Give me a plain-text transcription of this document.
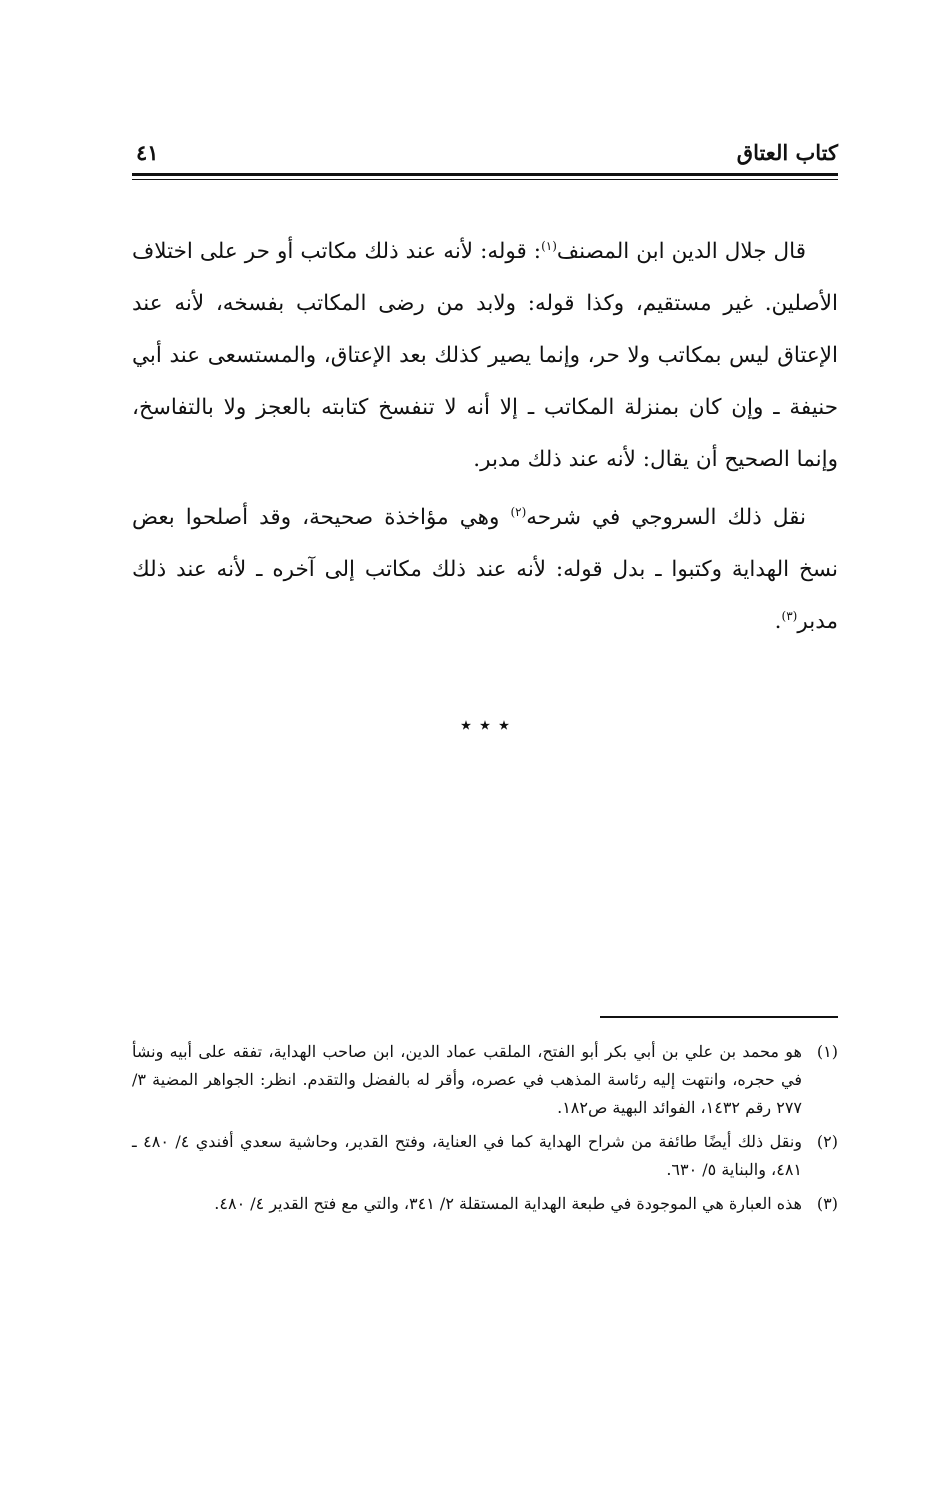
كتاب العتاق
٤١

قال جلال الدين ابن المصنف$^{(١)}$: قوله: لأنه عند ذلك مكاتب أو حر على اختلاف الأصلين. غير مستقيم، وكذا قوله: ولابد من رضى المكاتب بفسخه، لأنه عند الإعتاق ليس بمكاتب ولا حر، وإنما يصير كذلك بعد الإعتاق، والمستسعى عند أبي حنيفة ـ وإن كان بمنزلة المكاتب ـ إلا أنه لا تنفسخ كتابته بالعجز ولا بالتفاسخ، وإنما الصحيح أن يقال: لأنه عند ذلك مدبر.

نقل ذلك السروجي في شرحه$^{(٢)}$ وهي مؤاخذة صحيحة، وقد أصلحوا بعض نسخ الهداية وكتبوا ـ بدل قوله: لأنه عند ذلك مكاتب إلى آخره ـ لأنه عند ذلك مدبر$^{(٣)}$.

٭ ٭ ٭
(١)
هو محمد بن علي بن أبي بكر أبو الفتح، الملقب عماد الدين، ابن صاحب الهداية، تفقه على أبيه ونشأ في حجره، وانتهت إليه رئاسة المذهب في عصره، وأقر له بالفضل والتقدم. انظر: الجواهر المضية ٣/ ٢٧٧ رقم ١٤٣٢، الفوائد البهية ص١٨٢.
(٢)
ونقل ذلك أيضًا طائفة من شراح الهداية كما في العناية، وفتح القدير، وحاشية سعدي أفندي ٤/ ٤٨٠ ـ ٤٨١، والبناية ٥/ ٦٣٠.
(٣)
هذه العبارة هي الموجودة في طبعة الهداية المستقلة ٢/ ٣٤١، والتي مع فتح القدير ٤/ ٤٨٠.
